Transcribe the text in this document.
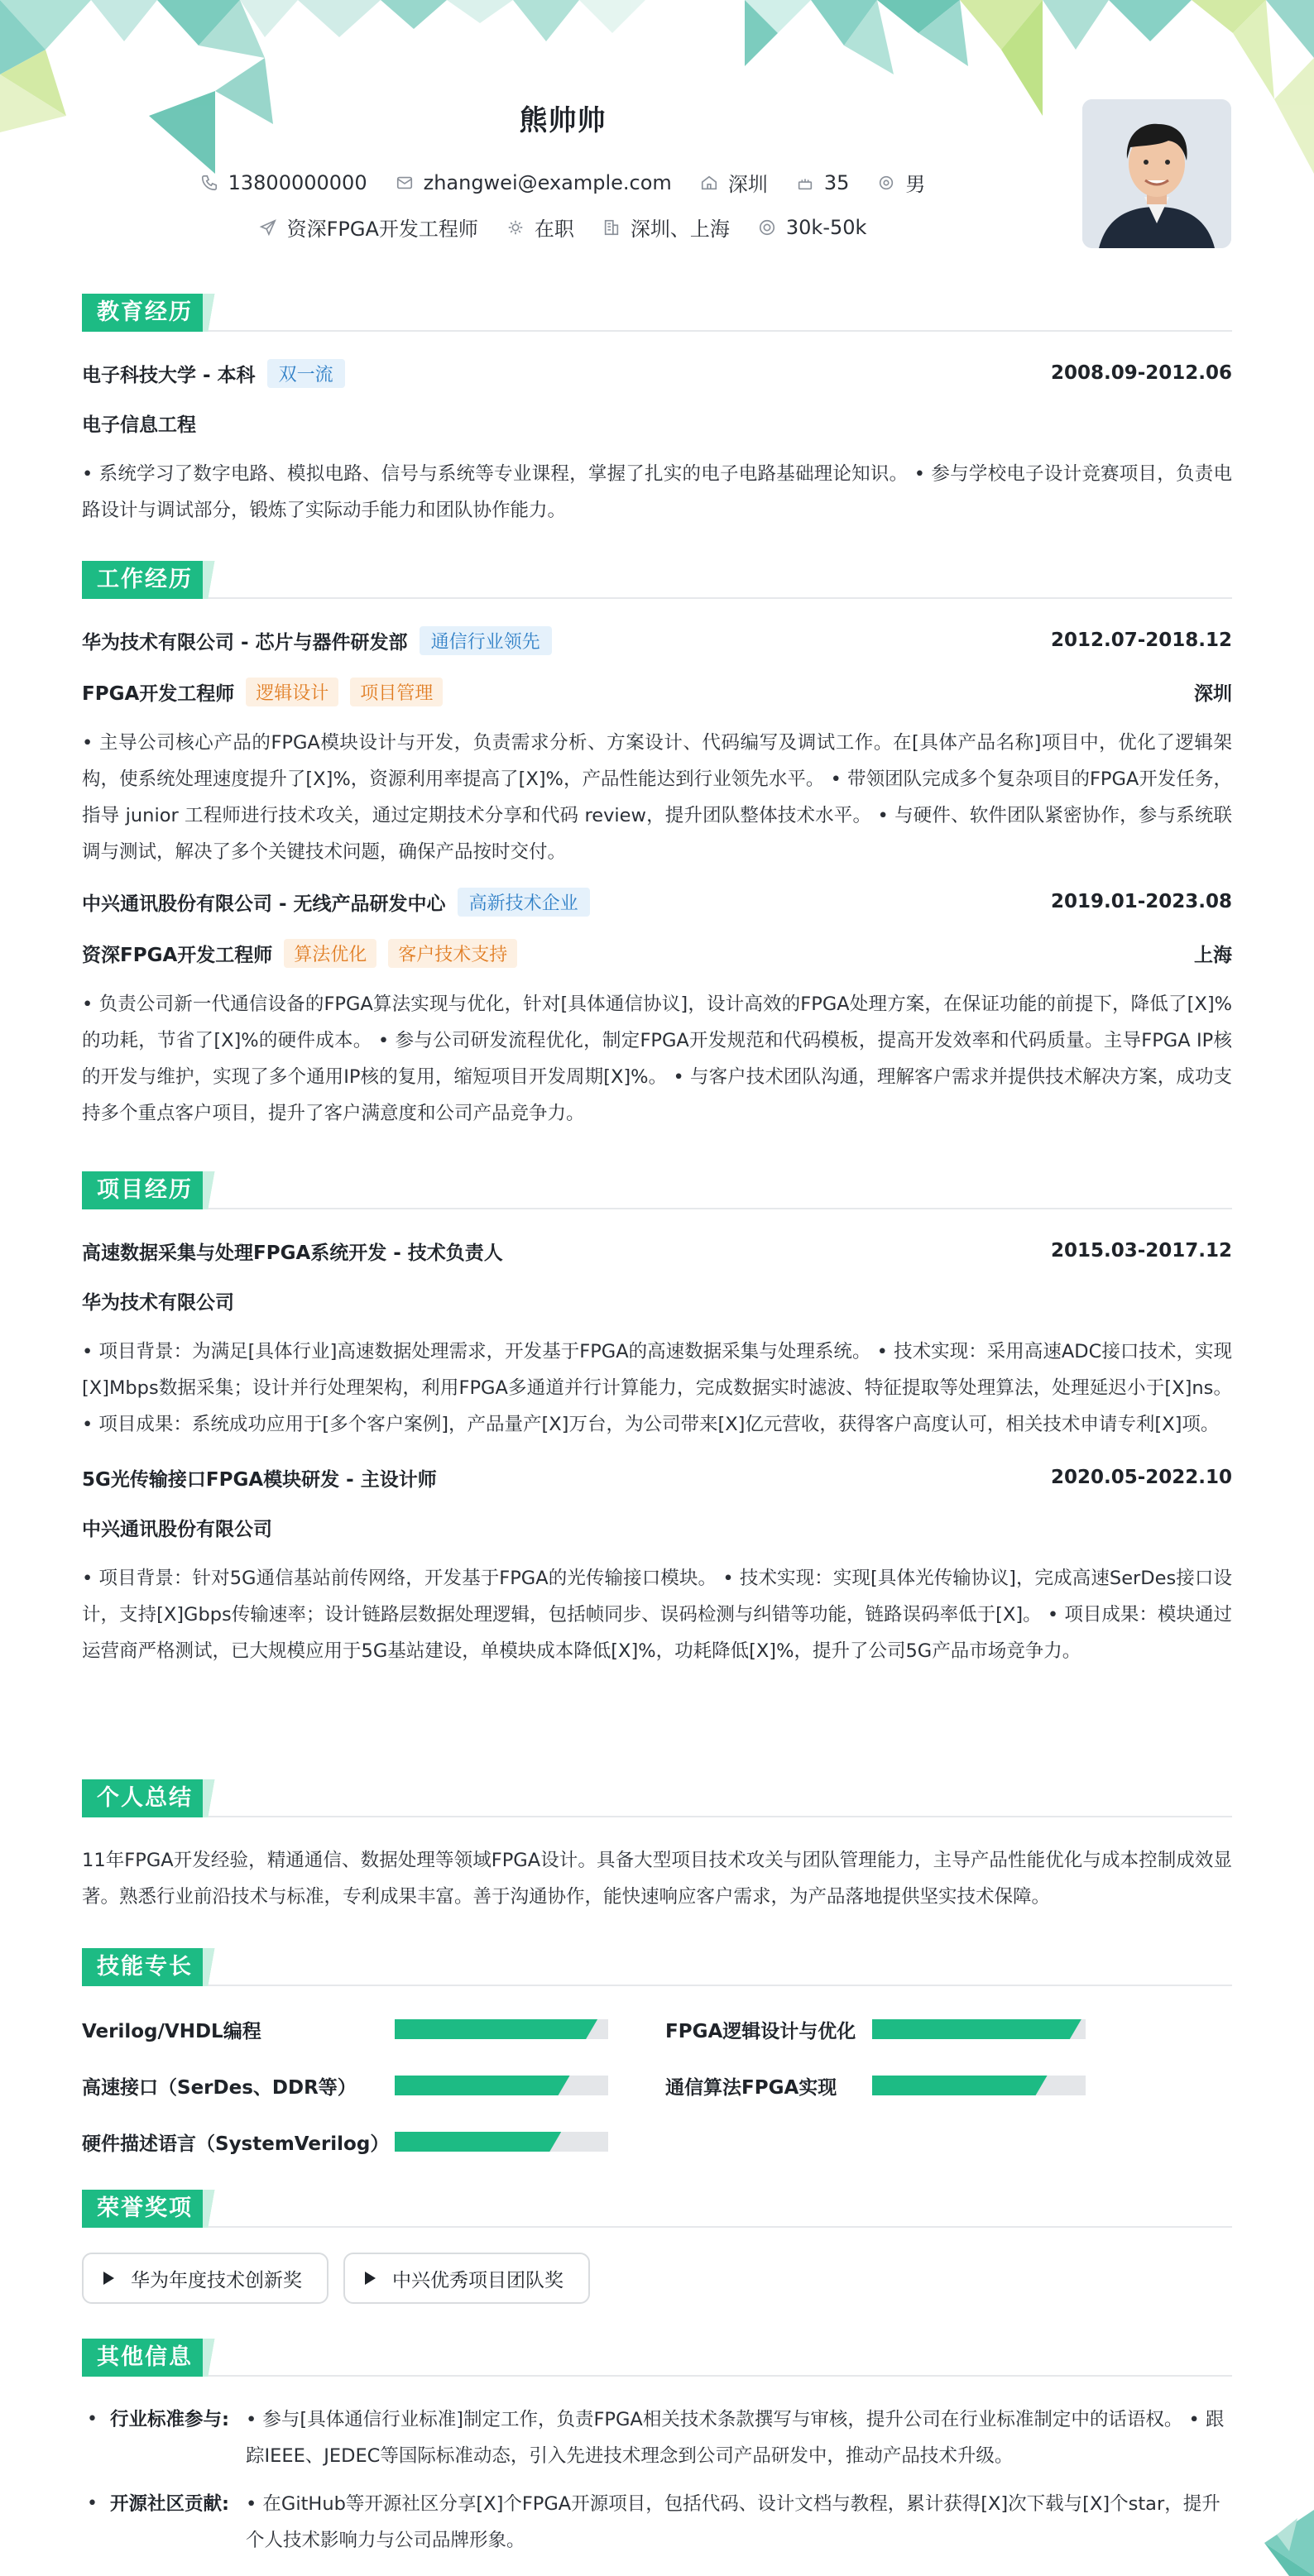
熊帅帅
13800000000	zhangwei@example.com	深圳	35	男
资深FPGA开发工程师	在职	深圳、上海	30k-50k
教育经历
电子科技大学 - 本科	双一流	2008.09-2012.06
电子信息工程
• 系统学习了数字电路、模拟电路、信号与系统等专业课程，掌握了扎实的电子电路基础理论知识。 • 参与学校电子设计竞赛项目，负责电路设计与调试部分，锻炼了实际动手能力和团队协作能力。
工作经历
华为技术有限公司 - 芯片与器件研发部	通信行业领先	2012.07-2018.12
FPGA开发工程师	逻辑设计	项目管理	深圳
• 主导公司核心产品的FPGA模块设计与开发，负责需求分析、方案设计、代码编写及调试工作。在[具体产品名称]项目中，优化了逻辑架构，使系统处理速度提升了[X]%，资源利用率提高了[X]%，产品性能达到行业领先水平。 • 带领团队完成多个复杂项目的FPGA开发任务，指导 junior 工程师进行技术攻关，通过定期技术分享和代码 review，提升团队整体技术水平。 • 与硬件、软件团队紧密协作，参与系统联调与测试，解决了多个关键技术问题，确保产品按时交付。
中兴通讯股份有限公司 - 无线产品研发中心	高新技术企业	2019.01-2023.08
资深FPGA开发工程师	算法优化	客户技术支持	上海
• 负责公司新一代通信设备的FPGA算法实现与优化，针对[具体通信协议]，设计高效的FPGA处理方案，在保证功能的前提下，降低了[X]%的功耗，节省了[X]%的硬件成本。 • 参与公司研发流程优化，制定FPGA开发规范和代码模板，提高开发效率和代码质量。主导FPGA IP核的开发与维护，实现了多个通用IP核的复用，缩短项目开发周期[X]%。 • 与客户技术团队沟通，理解客户需求并提供技术解决方案，成功支持多个重点客户项目，提升了客户满意度和公司产品竞争力。
项目经历
高速数据采集与处理FPGA系统开发 - 技术负责人	2015.03-2017.12
华为技术有限公司
• 项目背景：为满足[具体行业]高速数据处理需求，开发基于FPGA的高速数据采集与处理系统。 • 技术实现：采用高速ADC接口技术，实现[X]Mbps数据采集；设计并行处理架构，利用FPGA多通道并行计算能力，完成数据实时滤波、特征提取等处理算法，处理延迟小于[X]ns。 • 项目成果：系统成功应用于[多个客户案例]，产品量产[X]万台，为公司带来[X]亿元营收，获得客户高度认可，相关技术申请专利[X]项。
5G光传输接口FPGA模块研发 - 主设计师	2020.05-2022.10
中兴通讯股份有限公司
• 项目背景：针对5G通信基站前传网络，开发基于FPGA的光传输接口模块。 • 技术实现：实现[具体光传输协议]，完成高速SerDes接口设计，支持[X]Gbps传输速率；设计链路层数据处理逻辑，包括帧同步、误码检测与纠错等功能，链路误码率低于[X]。 • 项目成果：模块通过运营商严格测试，已大规模应用于5G基站建设，单模块成本降低[X]%，功耗降低[X]%，提升了公司5G产品市场竞争力。
个人总结
11年FPGA开发经验，精通通信、数据处理等领域FPGA设计。具备大型项目技术攻关与团队管理能力，主导产品性能优化与成本控制成效显著。熟悉行业前沿技术与标准，专利成果丰富。善于沟通协作，能快速响应客户需求，为产品落地提供坚实技术保障。
技能专长
Verilog/VHDL编程	FPGA逻辑设计与优化
高速接口（SerDes、DDR等）	通信算法FPGA实现
硬件描述语言（SystemVerilog）
荣誉奖项
华为年度技术创新奖	中兴优秀项目团队奖
其他信息
• 行业标准参与: • 参与[具体通信行业标准]制定工作，负责FPGA相关技术条款撰写与审核，提升公司在行业标准制定中的话语权。 • 跟踪IEEE、JEDEC等国际标准动态，引入先进技术理念到公司产品研发中，推动产品技术升级。
• 开源社区贡献: • 在GitHub等开源社区分享[X]个FPGA开源项目，包括代码、设计文档与教程，累计获得[X]次下载与[X]个star，提升个人技术影响力与公司品牌形象。
